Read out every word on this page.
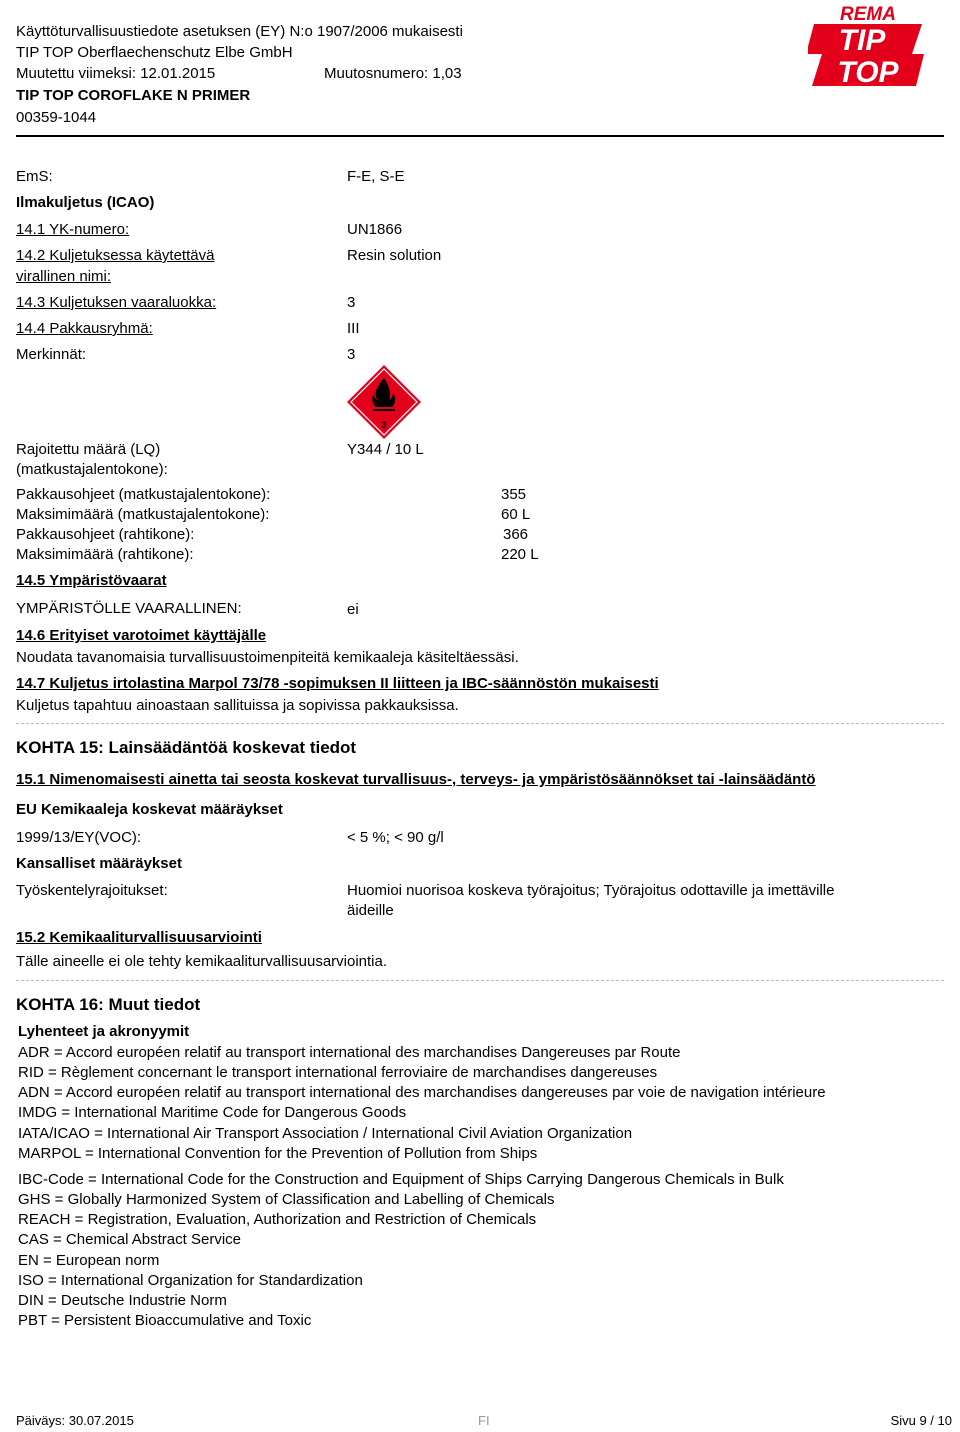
Käyttöturvallisuustiedote asetuksen (EY) N:o 1907/2006 mukaisesti
TIP TOP Oberflaechenschutz Elbe GmbH
Muutettu viimeksi: 12.01.2015	Muutosnumero: 1,03
TIP TOP COROFLAKE N PRIMER
00359-1044
REMA
TIP
TOP
EmS:	F-E, S-E
Ilmakuljetus (ICAO)
14.1 YK-numero:	UN1866
14.2 Kuljetuksessa käytettävä
virallinen nimi:
Resin solution
14.3 Kuljetuksen vaaraluokka:	3
14.4 Pakkausryhmä:	III
Merkinnät:	3
3
Rajoitettu määrä (LQ)
(matkustajalentokone):
Y344 / 10 L
Pakkausohjeet (matkustajalentokone):	355
Maksimimäärä (matkustajalentokone):	60 L
Pakkausohjeet (rahtikone):	366
Maksimimäärä (rahtikone):	220 L
14.5 Ympäristövaarat
YMPÄRISTÖLLE VAARALLINEN:	ei
14.6 Erityiset varotoimet käyttäjälle
Noudata tavanomaisia turvallisuustoimenpiteitä kemikaaleja käsiteltäessäsi.
14.7 Kuljetus irtolastina Marpol 73/78 -sopimuksen II liitteen ja IBC-säännöstön mukaisesti
Kuljetus tapahtuu ainoastaan sallituissa ja sopivissa pakkauksissa.
KOHTA 15: Lainsäädäntöä koskevat tiedot
15.1 Nimenomaisesti ainetta tai seosta koskevat turvallisuus-, terveys- ja ympäristösäännökset tai -lainsäädäntö
EU Kemikaaleja koskevat määräykset
1999/13/EY(VOC):	< 5 %; < 90 g/l
Kansalliset määräykset
Työskentelyrajoitukset:	Huomioi nuorisoa koskeva työrajoitus; Työrajoitus odottaville ja imettäville
äideille
15.2 Kemikaaliturvallisuusarviointi
Tälle aineelle ei ole tehty kemikaaliturvallisuusarviointia.
KOHTA 16: Muut tiedot
Lyhenteet ja akronyymit
ADR = Accord européen relatif au transport international des marchandises Dangereuses par Route
RID = Règlement concernant le transport international ferroviaire de marchandises dangereuses
ADN = Accord européen relatif au transport international des marchandises dangereuses par voie de navigation intérieure
IMDG = International Maritime Code for Dangerous Goods
IATA/ICAO = International Air Transport Association / International Civil Aviation Organization
MARPOL = International Convention for the Prevention of Pollution from Ships
IBC-Code = International Code for the Construction and Equipment of Ships Carrying Dangerous Chemicals in Bulk
GHS = Globally Harmonized System of Classification and Labelling of Chemicals
REACH = Registration, Evaluation, Authorization and Restriction of Chemicals
CAS = Chemical Abstract Service
EN = European norm
ISO = International Organization for Standardization
DIN = Deutsche Industrie Norm
PBT = Persistent Bioaccumulative and Toxic
Päiväys: 30.07.2015	FI	Sivu 9 / 10
